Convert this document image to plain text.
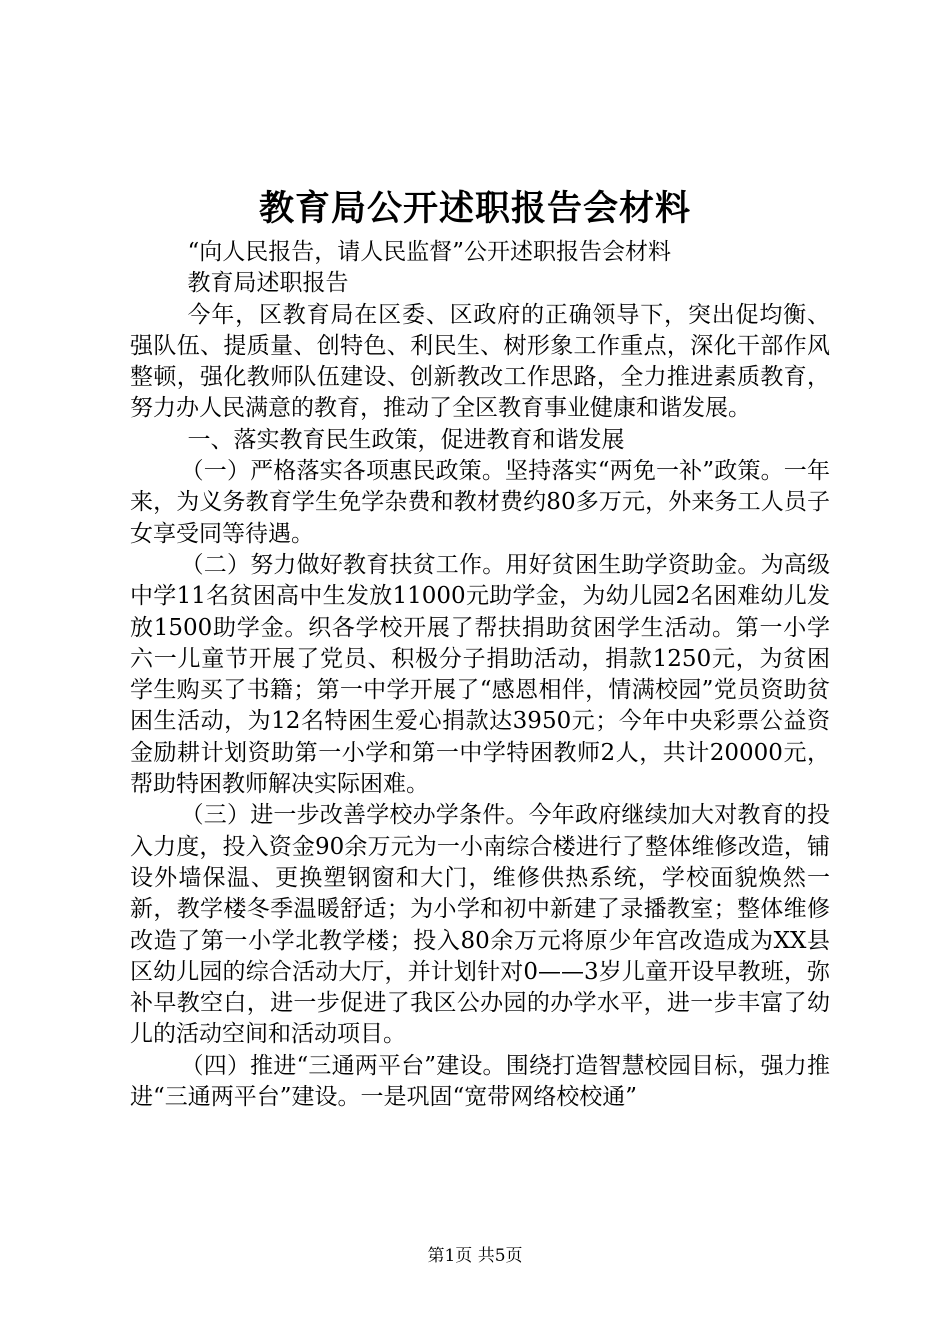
教育局公开述职报告会材料

“向人民报告，请人民监督”公开述职报告会材料

教育局述职报告

今年，区教育局在区委、区政府的正确领导下，突出促均衡、强队伍、提质量、创特色、利民生、树形象工作重点，深化干部作风整顿，强化教师队伍建设、创新教改工作思路，全力推进素质教育，努力办人民满意的教育，推动了全区教育事业健康和谐发展。

一、落实教育民生政策，促进教育和谐发展

（一）严格落实各项惠民政策。坚持落实“两免一补”政策。一年来，为义务教育学生免学杂费和教材费约80多万元，外来务工人员子女享受同等待遇。

（二）努力做好教育扶贫工作。用好贫困生助学资助金。为高级中学11名贫困高中生发放11000元助学金，为幼儿园2名困难幼儿发放1500助学金。织各学校开展了帮扶捐助贫困学生活动。第一小学六一儿童节开展了党员、积极分子捐助活动，捐款1250元，为贫困学生购买了书籍；第一中学开展了“感恩相伴，情满校园”党员资助贫困生活动，为12名特困生爱心捐款达3950元；今年中央彩票公益资金励耕计划资助第一小学和第一中学特困教师2人，共计20000元，帮助特困教师解决实际困难。

（三）进一步改善学校办学条件。今年政府继续加大对教育的投入力度，投入资金90余万元为一小南综合楼进行了整体维修改造，铺设外墙保温、更换塑钢窗和大门，维修供热系统，学校面貌焕然一新，教学楼冬季温暖舒适；为小学和初中新建了录播教室；整体维修改造了第一小学北教学楼；投入80余万元将原少年宫改造成为XX县区幼儿园的综合活动大厅，并计划针对0——3岁儿童开设早教班，弥补早教空白，进一步促进了我区公办园的办学水平，进一步丰富了幼儿的活动空间和活动项目。

（四）推进“三通两平台”建设。围绕打造智慧校园目标，强力推进“三通两平台”建设。一是巩固“宽带网络校校通”

第1页 共5页
